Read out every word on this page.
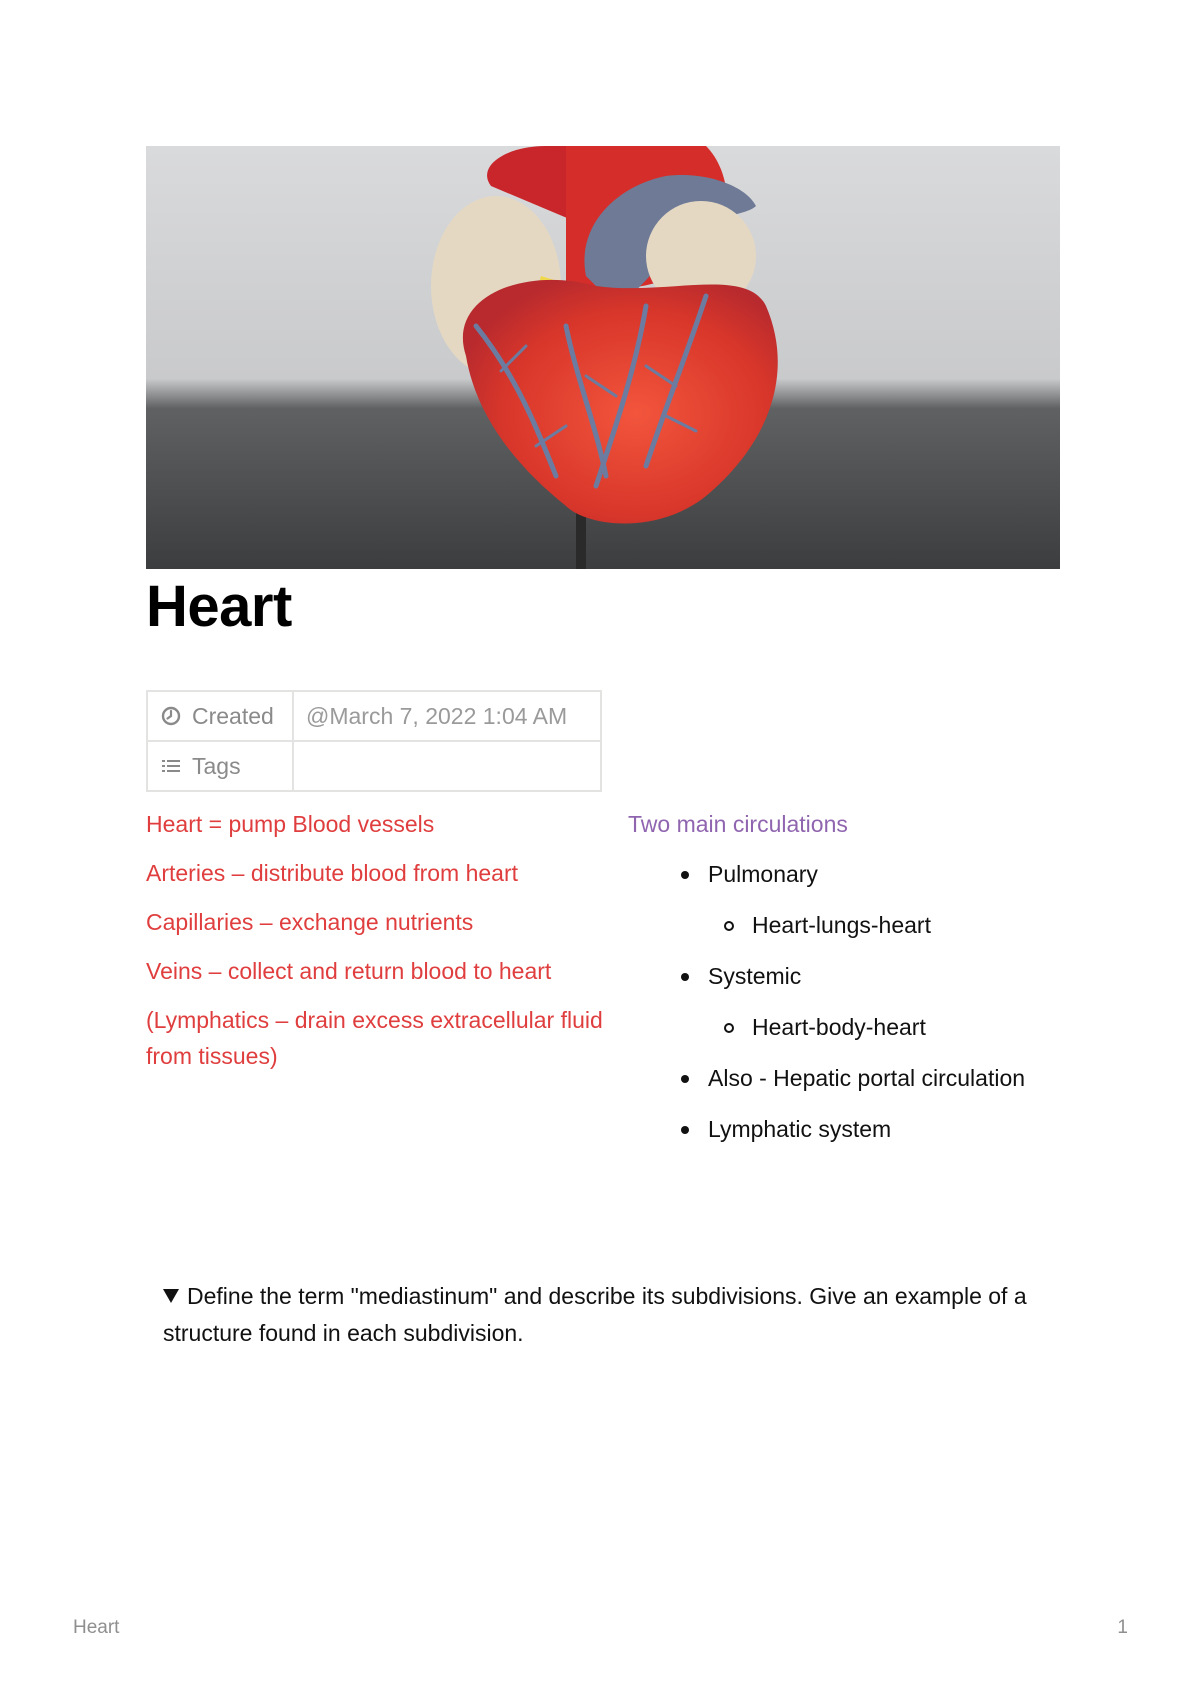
Heart
Created	@March 7, 2022 1:04 AM
Tags	

Heart = pump Blood vessels

Arteries – distribute blood from heart

Capillaries – exchange nutrients

Veins – collect and return blood to heart

(Lymphatics – drain excess extracellular fluid from tissues)

Two main circulations

Pulmonary
Heart-lungs-heart
Systemic
Heart-body-heart
Also - Hepatic portal circulation
Lymphatic system
Define the term "mediastinum" and describe its subdivisions. Give an example of a structure found in each subdivision.
Heart	1
